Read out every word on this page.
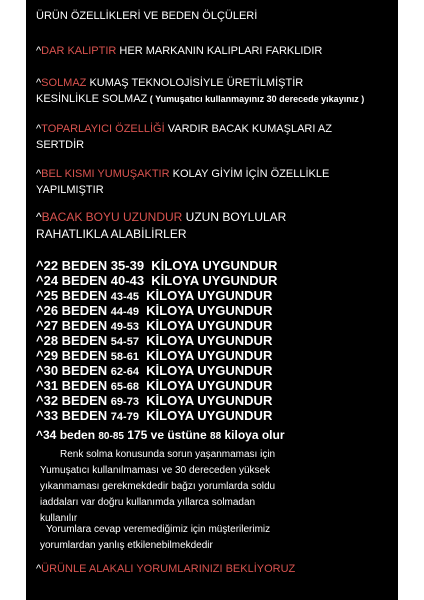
ÜRÜN ÖZELLİKLERİ VE BEDEN ÖLÇÜLERİ
^DAR KALIPTIR HER MARKANIN KALIPLARI FARKLIDIR
^SOLMAZ KUMAŞ TEKNOLOJİSİYLE ÜRETİLMİŞTİR
KESİNLİKLE SOLMAZ ( Yumuşatıcı kullanmayınız 30 derecede yıkayınız )
^TOPARLAYICI ÖZELLİĞİ VARDIR BACAK KUMAŞLARI AZ
SERTDİR
^BEL KISMI YUMUŞAKTIR KOLAY GİYİM İÇİN ÖZELLİKLE
YAPILMIŞTIR
^BACAK BOYU UZUNDUR UZUN BOYLULAR
RAHATLIKLA ALABİLİRLER
^22 BEDEN 35-39 KİLOYA UYGUNDUR
^24 BEDEN 40-43 KİLOYA UYGUNDUR
^25 BEDEN 43-45 KİLOYA UYGUNDUR
^26 BEDEN 44-49 KİLOYA UYGUNDUR
^27 BEDEN 49-53 KİLOYA UYGUNDUR
^28 BEDEN 54-57 KİLOYA UYGUNDUR
^29 BEDEN 58-61 KİLOYA UYGUNDUR
^30 BEDEN 62-64 KİLOYA UYGUNDUR
^31 BEDEN 65-68 KİLOYA UYGUNDUR
^32 BEDEN 69-73 KİLOYA UYGUNDUR
^33 BEDEN 74-79 KİLOYA UYGUNDUR
^34 beden 80-85 175 ve üstüne 88 kiloya olur
Renk solma konusunda sorun yaşanmaması için
Yumuşatıcı kullanılmaması ve 30 dereceden yüksek
yıkanmaması gerekmekdedir bağzı yorumlarda soldu
iaddaları var doğru kullanımda yıllarca solmadan
kullanılır
Yorumlara cevap veremediğimiz için müşterilerimiz
yorumlardan yanlış etkilenebilmekdedir
^ÜRÜNLE ALAKALI YORUMLARINIZI BEKLİYORUZ
